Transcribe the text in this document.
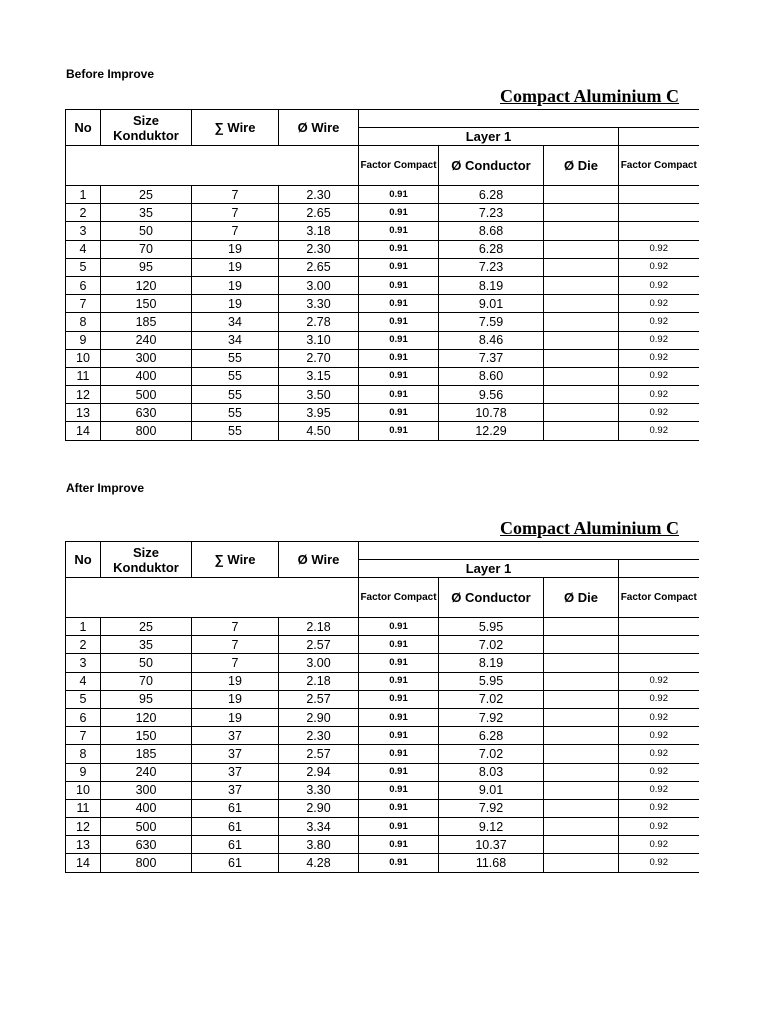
Before Improve
Compact Aluminium C
No	Size Konduktor	∑ Wire	Ø Wire				
				Layer 1			
				Factor Compact	Ø Conductor	Ø Die	Factor Compact
1	25	7	2.30	0.91	6.28		
2	35	7	2.65	0.91	7.23		
3	50	7	3.18	0.91	8.68		
4	70	19	2.30	0.91	6.28		0.92
5	95	19	2.65	0.91	7.23		0.92
6	120	19	3.00	0.91	8.19		0.92
7	150	19	3.30	0.91	9.01		0.92
8	185	34	2.78	0.91	7.59		0.92
9	240	34	3.10	0.91	8.46		0.92
10	300	55	2.70	0.91	7.37		0.92
11	400	55	3.15	0.91	8.60		0.92
12	500	55	3.50	0.91	9.56		0.92
13	630	55	3.95	0.91	10.78		0.92
14	800	55	4.50	0.91	12.29		0.92
After Improve
Compact Aluminium C
No	Size Konduktor	∑ Wire	Ø Wire				
				Layer 1			
				Factor Compact	Ø Conductor	Ø Die	Factor Compact
1	25	7	2.18	0.91	5.95		
2	35	7	2.57	0.91	7.02		
3	50	7	3.00	0.91	8.19		
4	70	19	2.18	0.91	5.95		0.92
5	95	19	2.57	0.91	7.02		0.92
6	120	19	2.90	0.91	7.92		0.92
7	150	37	2.30	0.91	6.28		0.92
8	185	37	2.57	0.91	7.02		0.92
9	240	37	2.94	0.91	8.03		0.92
10	300	37	3.30	0.91	9.01		0.92
11	400	61	2.90	0.91	7.92		0.92
12	500	61	3.34	0.91	9.12		0.92
13	630	61	3.80	0.91	10.37		0.92
14	800	61	4.28	0.91	11.68		0.92
